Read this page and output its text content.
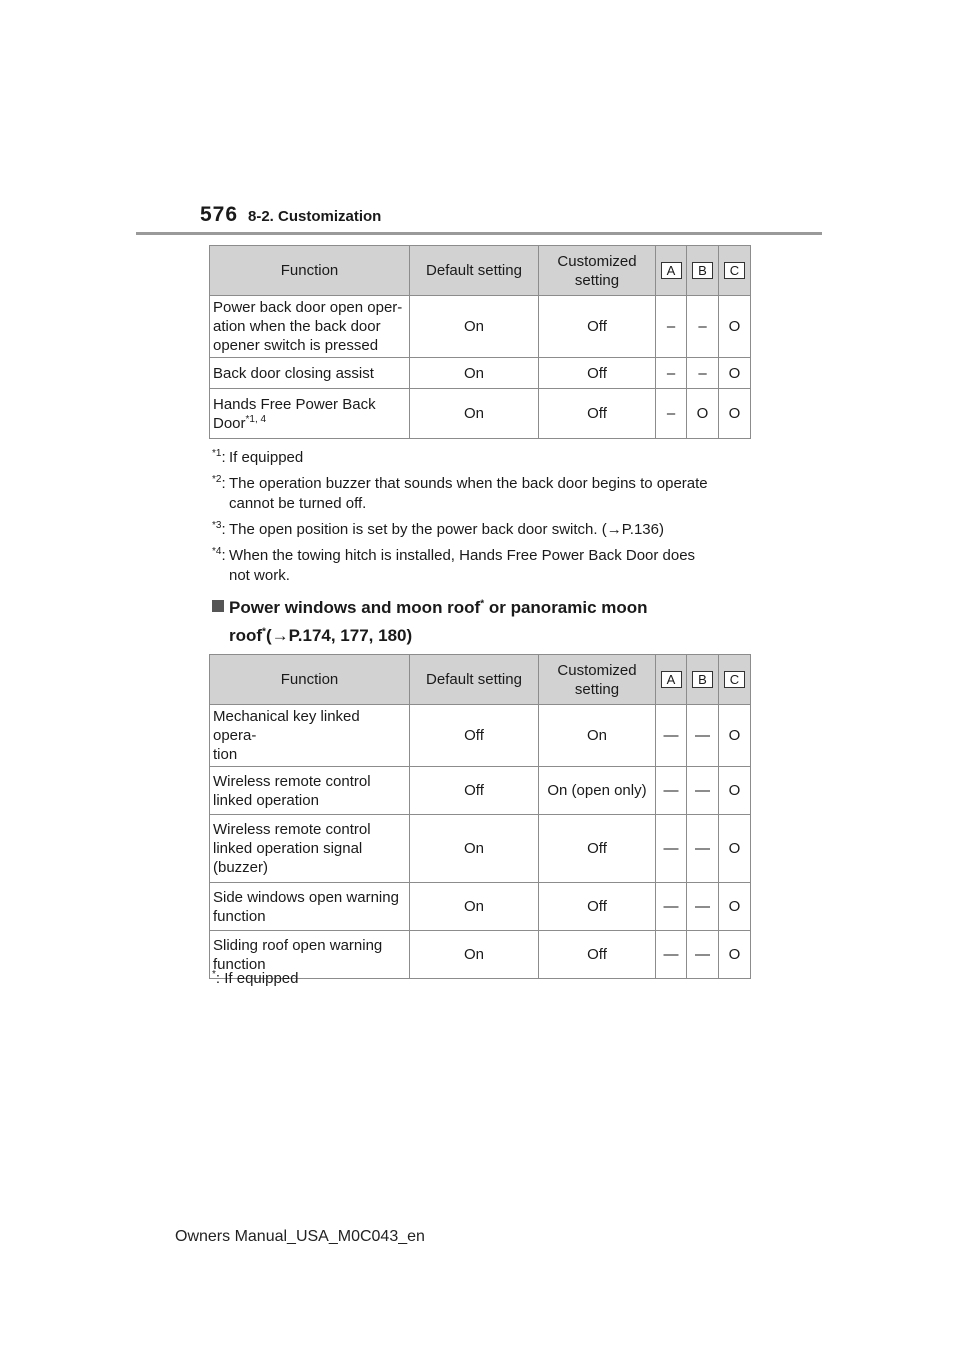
576 8-2. Customization
Function	Default setting	Customized
setting	A	B	C
Power back door open oper-
ation when the back door
opener switch is pressed	On	Off	–	–	O
Back door closing assist	On	Off	–	–	O
Hands Free Power Back
Door$^{*1, 4}$	On	Off	–	O	O
$^{*1}$: If equipped
$^{*2}$: The operation buzzer that sounds when the back door begins to operate
cannot be turned off.
$^{*3}$: The open position is set by the power back door switch. (→P.136)
$^{*4}$: When the towing hitch is installed, Hands Free Power Back Door does
not work.
Power windows and moon roof* or panoramic moon
roof*(→P.174, 177, 180)
Function	Default setting	Customized
setting	A	B	C
Mechanical key linked opera-
tion	Off	On	—	—	O
Wireless remote control
linked operation	Off	On (open only)	—	—	O
Wireless remote control
linked operation signal
(buzzer)	On	Off	—	—	O
Side windows open warning
function	On	Off	—	—	O
Sliding roof open warning
function	On	Off	—	—	O
*: If equipped
Owners Manual_USA_M0C043_en
